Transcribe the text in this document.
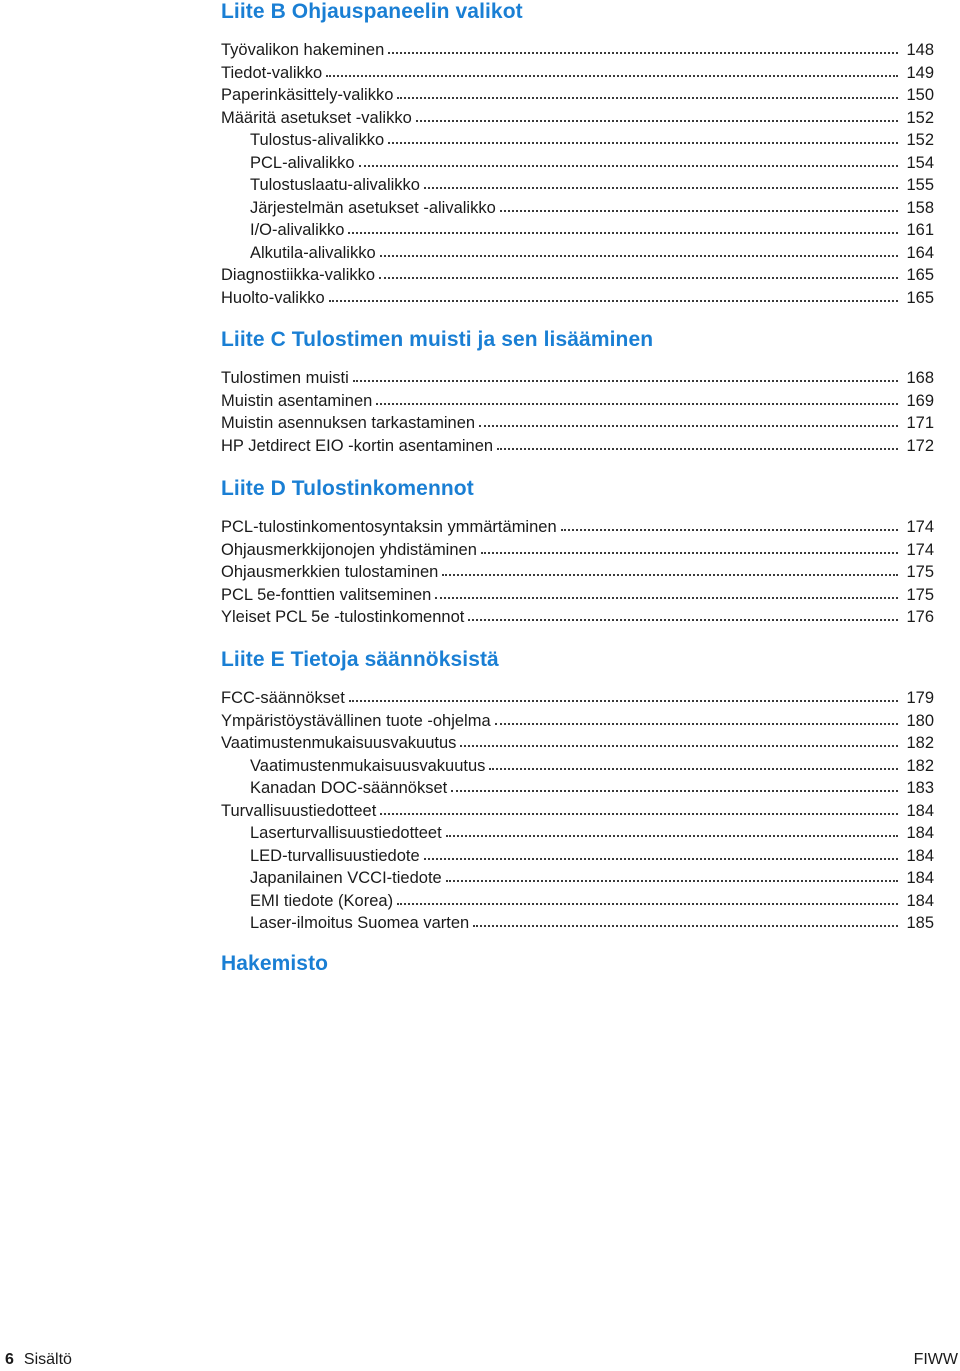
Liite B Ohjauspaneelin valikot
Työvalikon hakeminen	148
Tiedot-valikko	149
Paperinkäsittely-valikko	150
Määritä asetukset -valikko	152
Tulostus-alivalikko	152
PCL-alivalikko	154
Tulostuslaatu-alivalikko	155
Järjestelmän asetukset -alivalikko	158
I/O-alivalikko	161
Alkutila-alivalikko	164
Diagnostiikka-valikko	165
Huolto-valikko	165
Liite C Tulostimen muisti ja sen lisääminen
Tulostimen muisti	168
Muistin asentaminen	169
Muistin asennuksen tarkastaminen	171
HP Jetdirect EIO -kortin asentaminen	172
Liite D Tulostinkomennot
PCL-tulostinkomentosyntaksin ymmärtäminen	174
Ohjausmerkkijonojen yhdistäminen	174
Ohjausmerkkien tulostaminen	175
PCL 5e-fonttien valitseminen	175
Yleiset PCL 5e -tulostinkomennot	176
Liite E Tietoja säännöksistä
FCC-säännökset	179
Ympäristöystävällinen tuote -ohjelma	180
Vaatimustenmukaisuusvakuutus	182
Vaatimustenmukaisuusvakuutus	182
Kanadan DOC-säännökset	183
Turvallisuustiedotteet	184
Laserturvallisuustiedotteet	184
LED-turvallisuustiedote	184
Japanilainen VCCI-tiedote	184
EMI tiedote (Korea)	184
Laser-ilmoitus Suomea varten	185
Hakemisto
6 Sisältö	FIWW
